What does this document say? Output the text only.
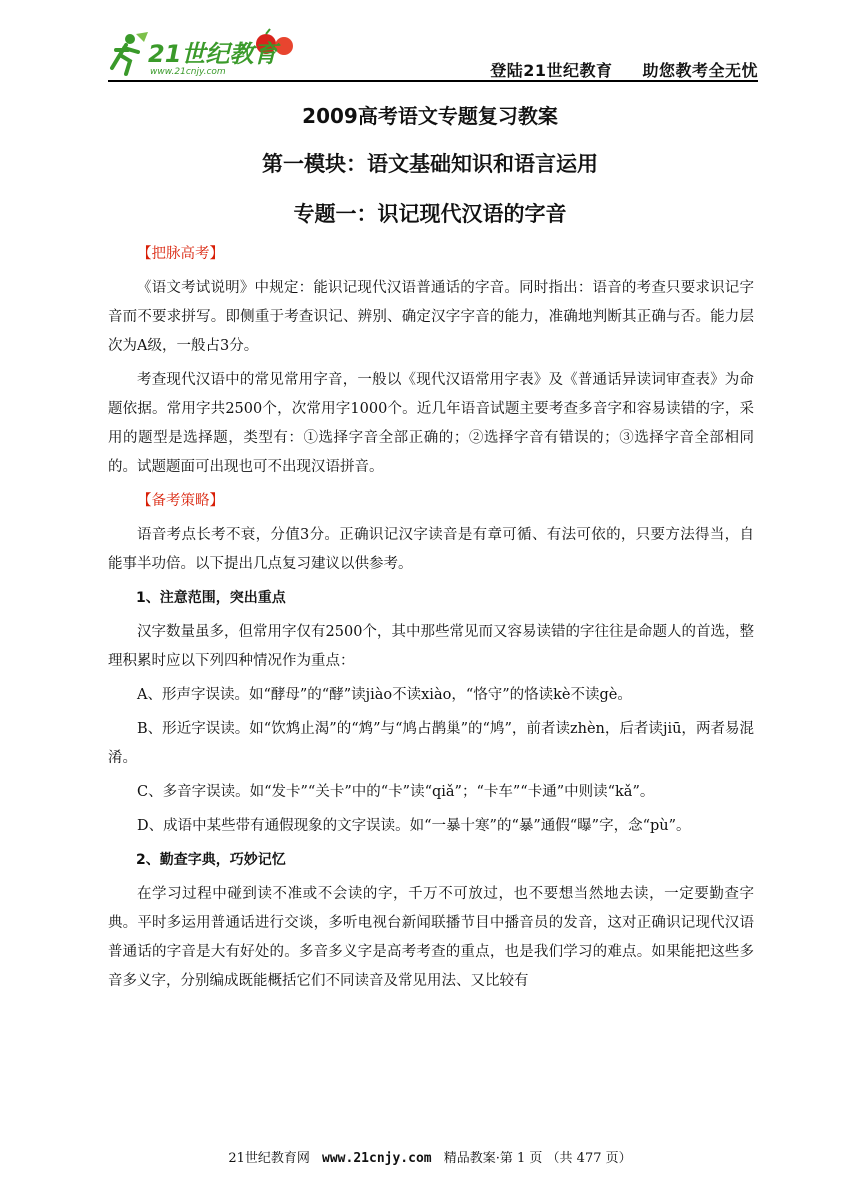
21世纪教育
www.21cnjy.com	登陆21世纪教育 助您教考全无忧
2009高考语文专题复习教案
第一模块：语文基础知识和语言运用
专题一：识记现代汉语的字音

【把脉高考】

《语文考试说明》中规定：能识记现代汉语普通话的字音。同时指出：语音的考查只要求识记字音而不要求拼写。即侧重于考查识记、辨别、确定汉字字音的能力，准确地判断其正确与否。能力层次为A级，一般占3分。

考查现代汉语中的常见常用字音，一般以《现代汉语常用字表》及《普通话异读词审查表》为命题依据。常用字共2500个，次常用字1000个。近几年语音试题主要考查多音字和容易读错的字，采用的题型是选择题，类型有：①选择字音全部正确的；②选择字音有错误的；③选择字音全部相同的。试题题面可出现也可不出现汉语拼音。

【备考策略】

语音考点长考不衰，分值3分。正确识记汉字读音是有章可循、有法可依的，只要方法得当，自能事半功倍。以下提出几点复习建议以供参考。

1、注意范围，突出重点

汉字数量虽多，但常用字仅有2500个，其中那些常见而又容易读错的字往往是命题人的首选，整理积累时应以下列四种情况作为重点：

A、形声字误读。如“酵母”的“酵”读jiào不读xiào，“恪守”的恪读kè不读gè。

B、形近字误读。如“饮鸩止渴”的“鸩”与“鸠占鹊巢”的“鸠”，前者读zhèn，后者读jiū，两者易混淆。

C、多音字误读。如“发卡”“关卡”中的“卡”读“qiǎ”；“卡车”“卡通”中则读“kǎ”。

D、成语中某些带有通假现象的文字误读。如“一暴十寒”的“暴”通假“曝”字，念“pù”。

2、勤查字典，巧妙记忆

在学习过程中碰到读不准或不会读的字，千万不可放过，也不要想当然地去读，一定要勤查字典。平时多运用普通话进行交谈，多听电视台新闻联播节目中播音员的发音，这对正确识记现代汉语普通话的字音是大有好处的。多音多义字是高考考查的重点，也是我们学习的难点。如果能把这些多音多义字，分别编成既能概括它们不同读音及常见用法、又比较有

21世纪教育网 www.21cnjy.com 精品教案·第 1 页 （共 477 页）
